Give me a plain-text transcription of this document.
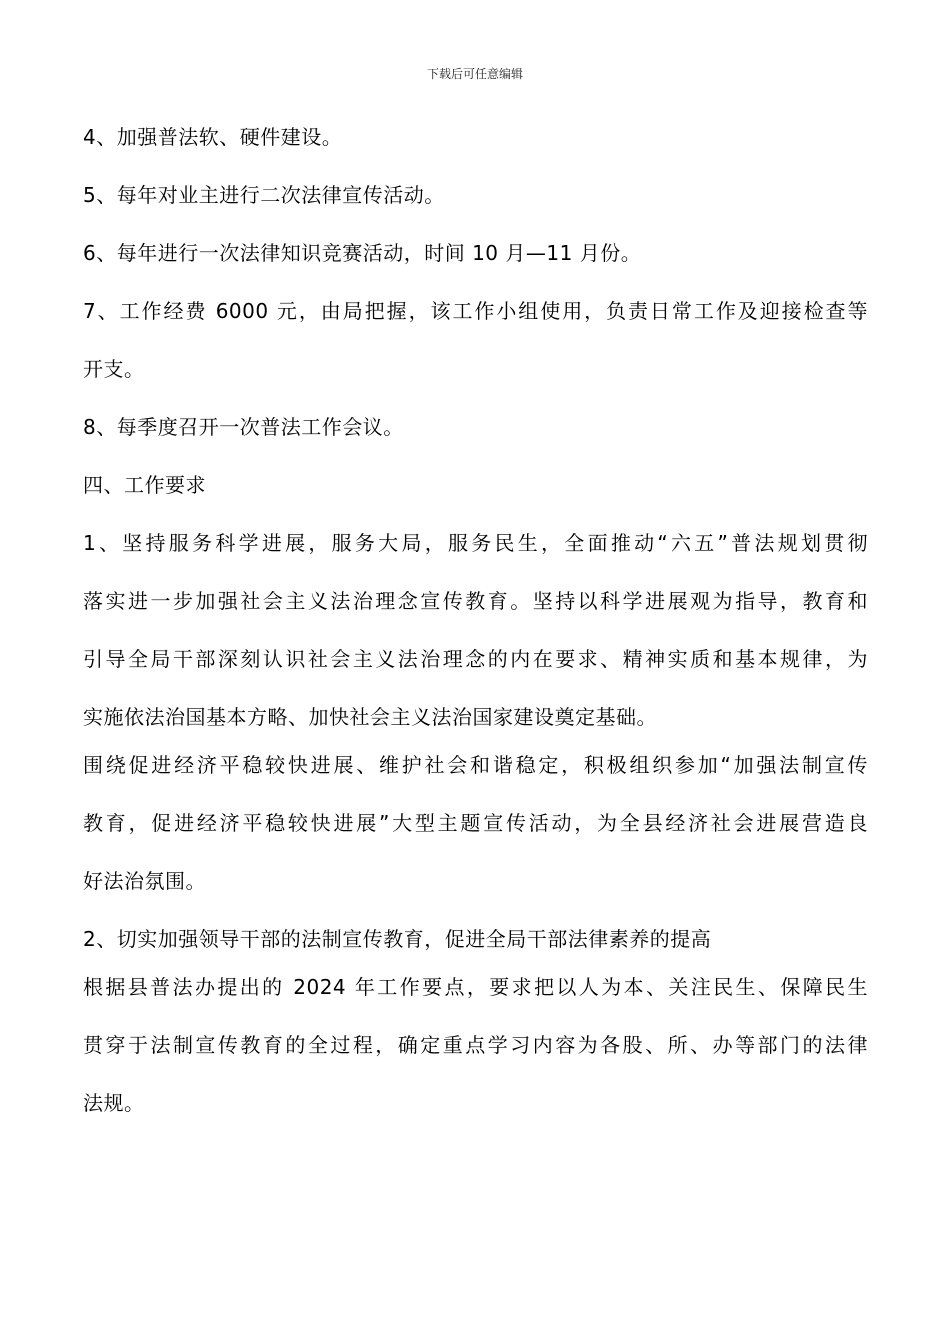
下载后可任意编辑
4、加强普法软、硬件建设。
5、每年对业主进行二次法律宣传活动。
6、每年进行一次法律知识竞赛活动，时间 10 月—11 月份。
7、工作经费 6000 元，由局把握，该工作小组使用，负责日常工作及迎接检查等
开支。
8、每季度召开一次普法工作会议。
四、工作要求
1、坚持服务科学进展，服务大局，服务民生，全面推动“六五”普法规划贯彻
落实进一步加强社会主义法治理念宣传教育。坚持以科学进展观为指导，教育和
引导全局干部深刻认识社会主义法治理念的内在要求、精神实质和基本规律，为
实施依法治国基本方略、加快社会主义法治国家建设奠定基础。
围绕促进经济平稳较快进展、维护社会和谐稳定，积极组织参加“加强法制宣传
教育，促进经济平稳较快进展”大型主题宣传活动，为全县经济社会进展营造良
好法治氛围。
2、切实加强领导干部的法制宣传教育，促进全局干部法律素养的提高
根据县普法办提出的 2024 年工作要点，要求把以人为本、关注民生、保障民生
贯穿于法制宣传教育的全过程，确定重点学习内容为各股、所、办等部门的法律
法规。
